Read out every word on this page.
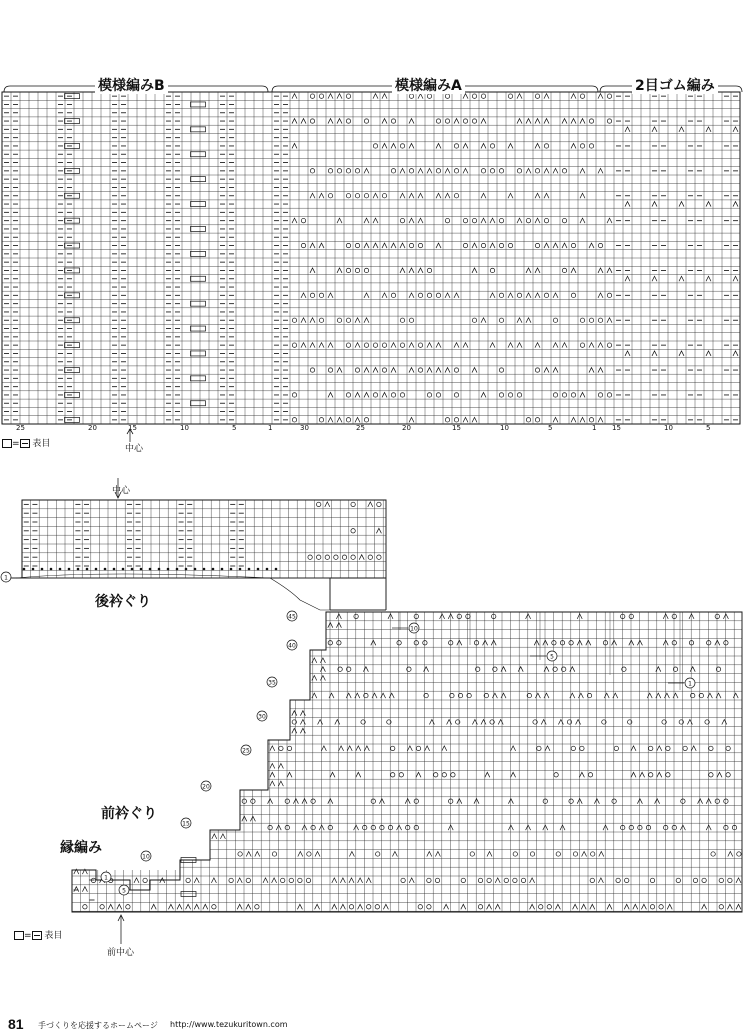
25	20	15	10	5	1	30	25	20	15	10	5	1 15	10	5
模様編みB	模様編みA	2目ゴム編み
中心
= 表目
1
5
10
15
20
25
30
35
40
45
1
10
5
1
中心
後衿ぐり
前衿ぐり
縁編み
前中心
= 表目
81 手づくりを応援するホームページ http://www.tezukuritown.com
